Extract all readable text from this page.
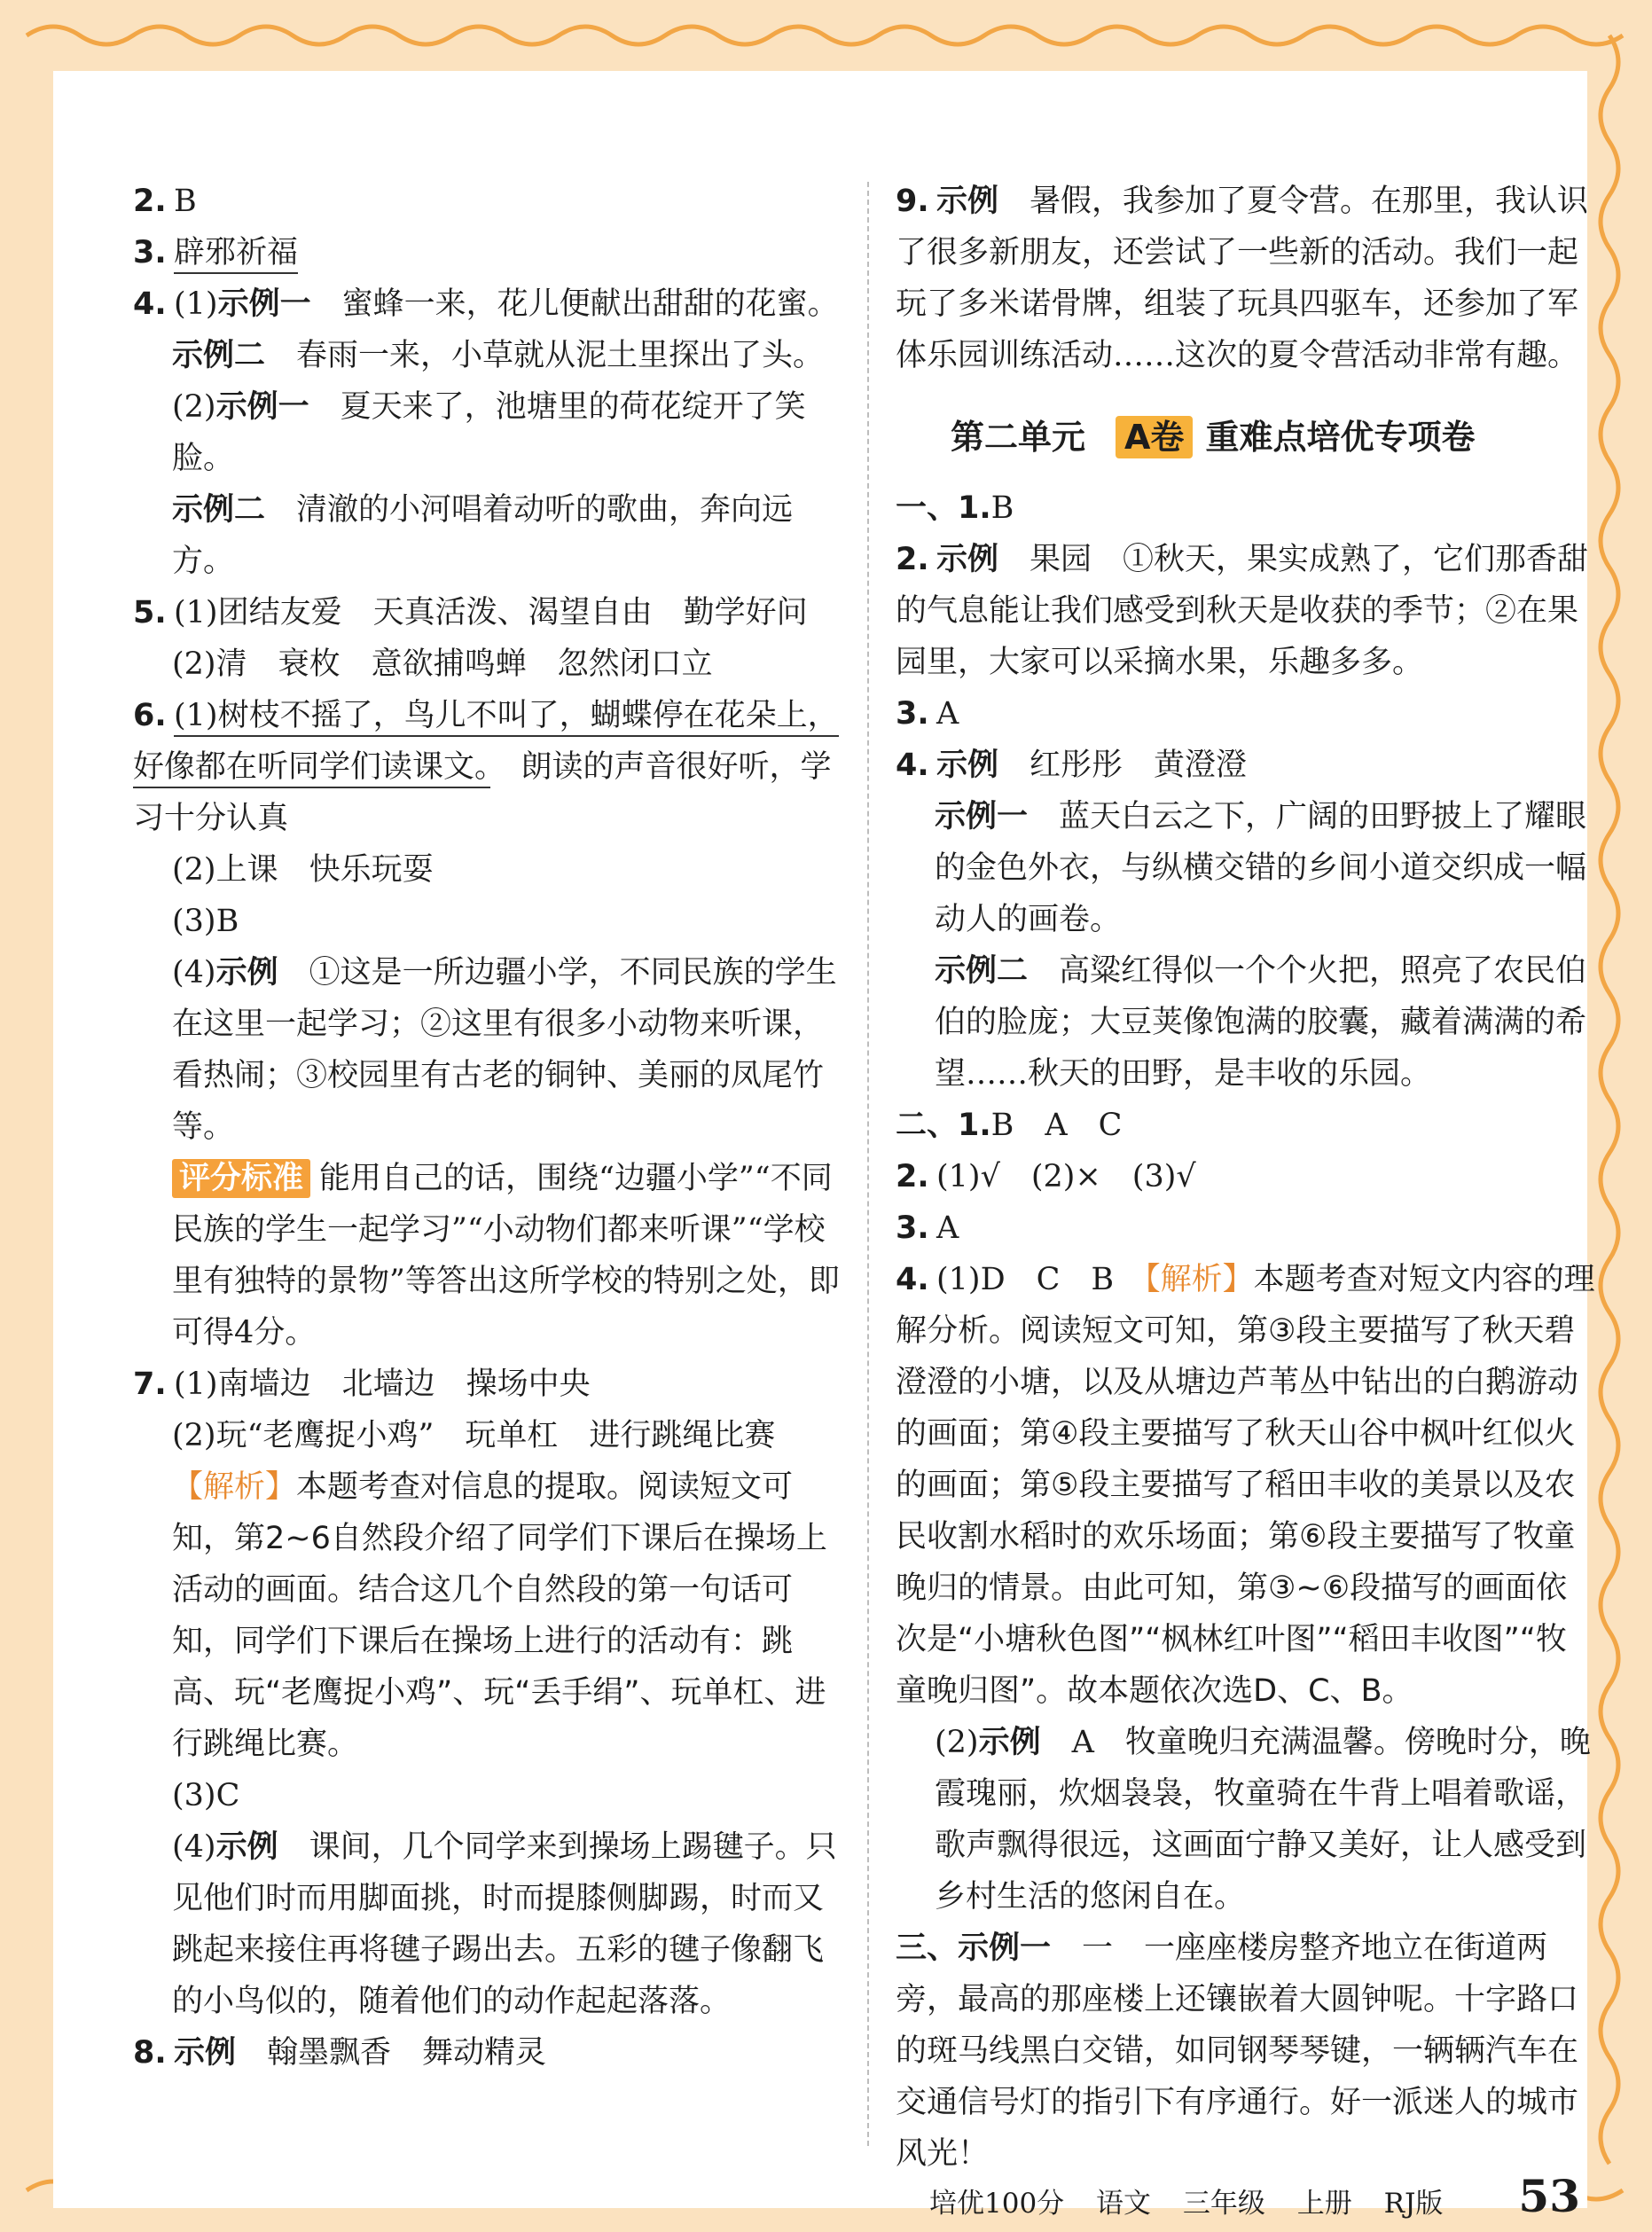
2. B

3. 辟邪祈福

4. (1)示例一　 蜜蜂一来，花儿便献出甜甜的花蜜。
示例二　 春雨一来，小草就从泥土里探出了头。
(2)示例一　 夏天来了，池塘里的荷花绽开了笑脸。
示例二　 清澈的小河唱着动听的歌曲，奔向远方。
5. (1)团结友爱　天真活泼、渴望自由　勤学好问
(2)清　衰枚　意欲捕鸣蝉　忽然闭口立
6. (1)树枝不摇了，鸟儿不叫了，蝴蝶停在花朵上，好像都在听同学们读课文。　朗读的声音很好听，学习十分认真
(2)上课　快乐玩耍
(3)B
(4)示例　 ①这是一所边疆小学，不同民族的学生在这里一起学习；②这里有很多小动物来听课，看热闹；③校园里有古老的铜钟、美丽的凤尾竹等。
评分标准 能用自己的话，围绕“边疆小学”“不同民族的学生一起学习”“小动物们都来听课”“学校里有独特的景物”等答出这所学校的特别之处，即可得4分。
7. (1)南墙边　北墙边　操场中央
(2)玩“老鹰捉小鸡”　玩单杠　进行跳绳比赛
【解析】本题考查对信息的提取。阅读短文可知，第2~6自然段介绍了同学们下课后在操场上活动的画面。结合这几个自然段的第一句话可知，同学们下课后在操场上进行的活动有：跳高、玩“老鹰捉小鸡”、玩“丢手绢”、玩单杠、进行跳绳比赛。
(3)C
(4)示例　 课间，几个同学来到操场上踢毽子。只见他们时而用脚面挑，时而提膝侧脚踢，时而又跳起来接住再将毽子踢出去。五彩的毽子像翻飞的小鸟似的，随着他们的动作起起落落。

8. 示例　 翰墨飘香　舞动精灵

9. 示例　 暑假，我参加了夏令营。在那里，我认识了很多新朋友，还尝试了一些新的活动。我们一起玩了多米诺骨牌，组装了玩具四驱车，还参加了军体乐园训练活动……这次的夏令营活动非常有趣。
第二单元 A卷 重难点培优专项卷

一、1.B

2. 示例　 果园　①秋天，果实成熟了，它们那香甜的气息能让我们感受到秋天是收获的季节；②在果园里，大家可以采摘水果，乐趣多多。

3. A

4. 示例　 红彤彤　黄澄澄
示例一　 蓝天白云之下，广阔的田野披上了耀眼的金色外衣，与纵横交错的乡间小道交织成一幅动人的画卷。
示例二　 高粱红得似一个个火把，照亮了农民伯伯的脸庞；大豆荚像饱满的胶囊，藏着满满的希望……秋天的田野，是丰收的乐园。

二、1.B　A　C

2. (1)√　(2)×　(3)√

3. A

4. (1)D　C　B　 【解析】本题考查对短文内容的理解分析。阅读短文可知，第③段主要描写了秋天碧澄澄的小塘，以及从塘边芦苇丛中钻出的白鹅游动的画面；第④段主要描写了秋天山谷中枫叶红似火的画面；第⑤段主要描写了稻田丰收的美景以及农民收割水稻时的欢乐场面；第⑥段主要描写了牧童晚归的情景。由此可知，第③~⑥段描写的画面依次是“小塘秋色图”“枫林红叶图”“稻田丰收图”“牧童晚归图”。故本题依次选D、C、B。
(2)示例　 A　牧童晚归充满温馨。傍晚时分，晚霞瑰丽，炊烟袅袅，牧童骑在牛背上唱着歌谣，歌声飘得很远，这画面宁静又美好，让人感受到乡村生活的悠闲自在。
三、示例一　 一　一座座楼房整齐地立在街道两旁，最高的那座楼上还镶嵌着大圆钟呢。十字路口的斑马线黑白交错，如同钢琴琴键，一辆辆汽车在交通信号灯的指引下有序通行。好一派迷人的城市风光！
培优100分 语文 三年级 上册 RJ版 53
